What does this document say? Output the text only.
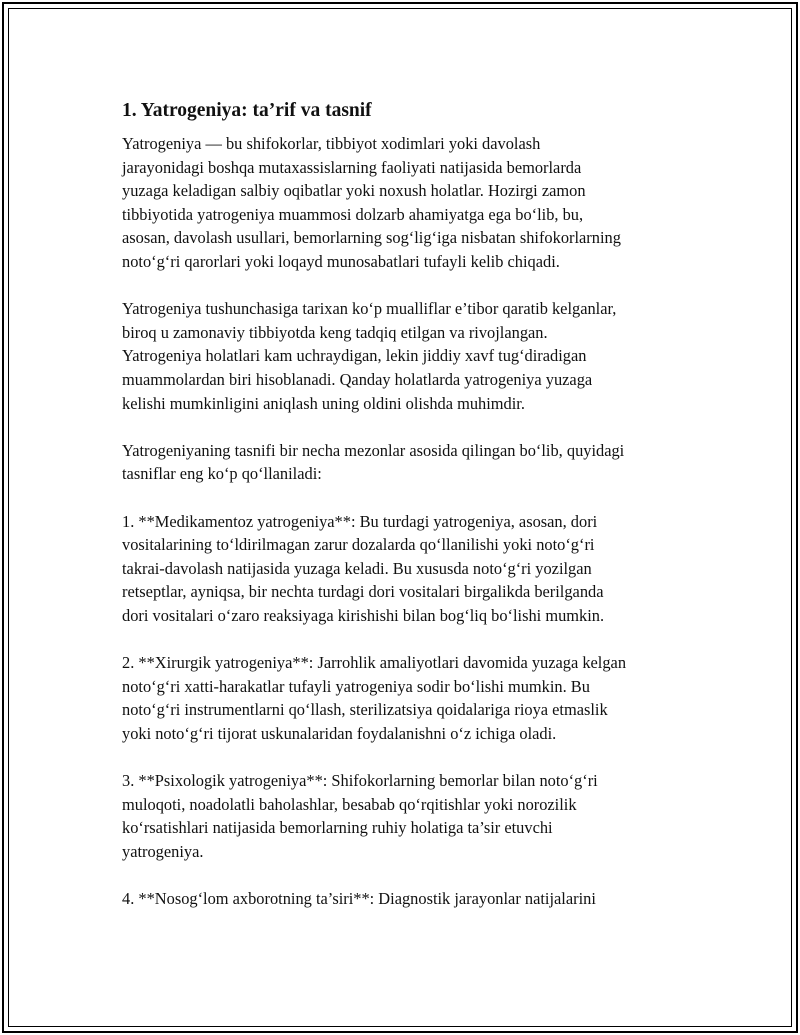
1. Yatrogeniya: ta’rif va tasnif

Yatrogeniya — bu shifokorlar, tibbiyot xodimlari yoki davolash
jarayonidagi boshqa mutaxassislarning faoliyati natijasida bemorlarda
yuzaga keladigan salbiy oqibatlar yoki noxush holatlar. Hozirgi zamon
tibbiyotida yatrogeniya muammosi dolzarb ahamiyatga ega bo‘lib, bu,
asosan, davolash usullari, bemorlarning sog‘lig‘iga nisbatan shifokorlarning
noto‘g‘ri qarorlari yoki loqayd munosabatlari tufayli kelib chiqadi.

Yatrogeniya tushunchasiga tarixan ko‘p mualliflar e’tibor qaratib kelganlar,
biroq u zamonaviy tibbiyotda keng tadqiq etilgan va rivojlangan.
Yatrogeniya holatlari kam uchraydigan, lekin jiddiy xavf tug‘diradigan
muammolardan biri hisoblanadi. Qanday holatlarda yatrogeniya yuzaga
kelishi mumkinligini aniqlash uning oldini olishda muhimdir.

Yatrogeniyaning tasnifi bir necha mezonlar asosida qilingan bo‘lib, quyidagi
tasniflar eng ko‘p qo‘llaniladi:

1. **Medikamentoz yatrogeniya**: Bu turdagi yatrogeniya, asosan, dori
vositalarining to‘ldirilmagan zarur dozalarda qo‘llanilishi yoki noto‘g‘ri
takrai-davolash natijasida yuzaga keladi. Bu xususda noto‘g‘ri yozilgan
retseptlar, ayniqsa, bir nechta turdagi dori vositalari birgalikda berilganda
dori vositalari o‘zaro reaksiyaga kirishishi bilan bog‘liq bo‘lishi mumkin.

2. **Xirurgik yatrogeniya**: Jarrohlik amaliyotlari davomida yuzaga kelgan
noto‘g‘ri xatti-harakatlar tufayli yatrogeniya sodir bo‘lishi mumkin. Bu
noto‘g‘ri instrumentlarni qo‘llash, sterilizatsiya qoidalariga rioya etmaslik
yoki noto‘g‘ri tijorat uskunalaridan foydalanishni o‘z ichiga oladi.

3. **Psixologik yatrogeniya**: Shifokorlarning bemorlar bilan noto‘g‘ri
muloqoti, noadolatli baholashlar, besabab qo‘rqitishlar yoki norozilik
ko‘rsatishlari natijasida bemorlarning ruhiy holatiga ta’sir etuvchi
yatrogeniya.

4. **Nosog‘lom axborotning ta’siri**: Diagnostik jarayonlar natijalarini
